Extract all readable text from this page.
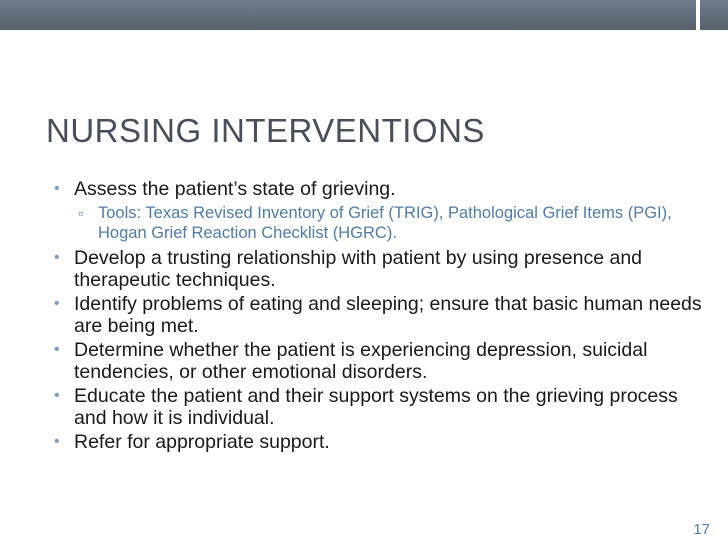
NURSING INTERVENTIONS
• Assess the patient’s state of grieving.
▫ Tools: Texas Revised Inventory of Grief (TRIG), Pathological Grief Items (PGI), Hogan Grief Reaction Checklist (HGRC).
• Develop a trusting relationship with patient by using presence and therapeutic techniques.
• Identify problems of eating and sleeping; ensure that basic human needs are being met.
• Determine whether the patient is experiencing depression, suicidal tendencies, or other emotional disorders.
• Educate the patient and their support systems on the grieving process and how it is individual.
• Refer for appropriate support.
17
